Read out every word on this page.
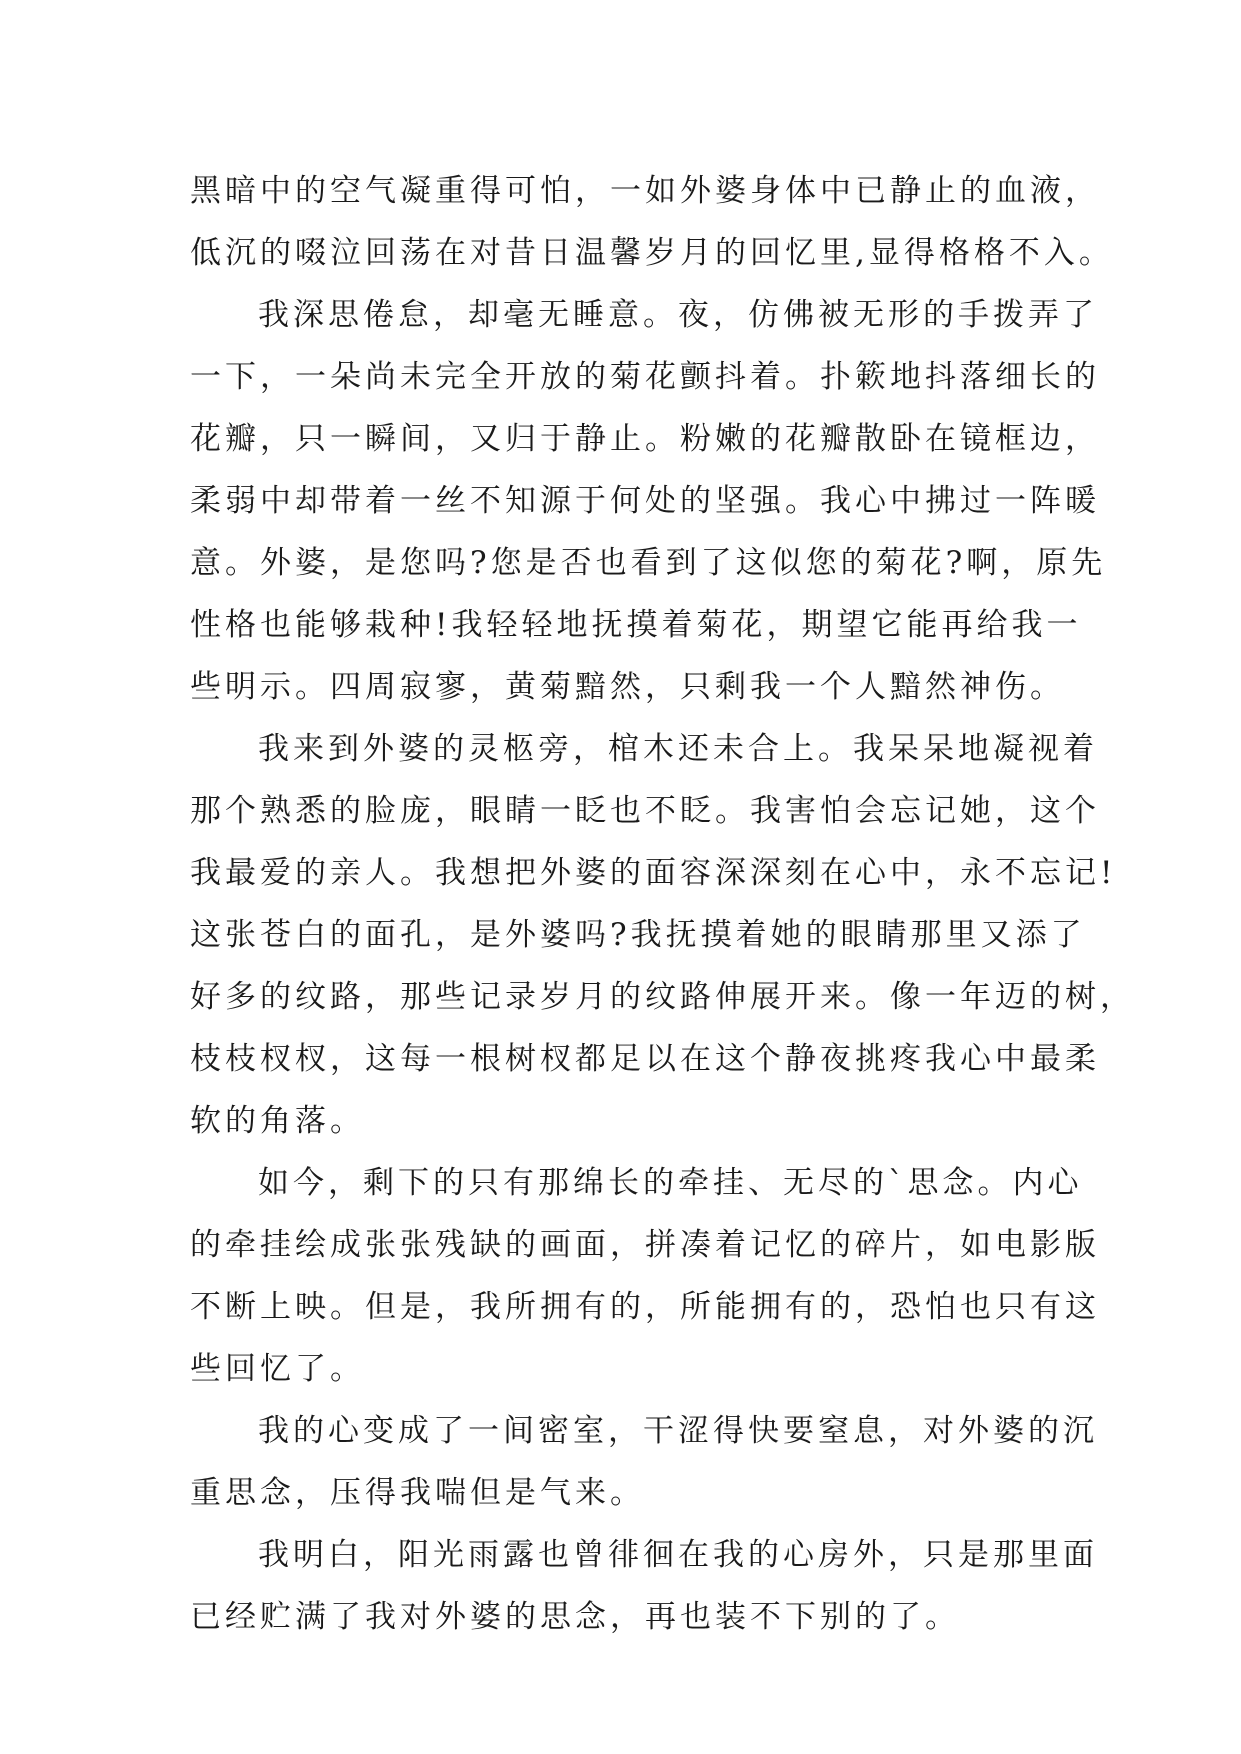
黑暗中的空气凝重得可怕，一如外婆身体中已静止的血液，
低沉的啜泣回荡在对昔日温馨岁月的回忆里,显得格格不入。
我深思倦怠，却毫无睡意。夜，仿佛被无形的手拨弄了
一下，一朵尚未完全开放的菊花颤抖着。扑簌地抖落细长的
花瓣，只一瞬间，又归于静止。粉嫩的花瓣散卧在镜框边，
柔弱中却带着一丝不知源于何处的坚强。我心中拂过一阵暖
意。外婆，是您吗?您是否也看到了这似您的菊花?啊，原先
性格也能够栽种!我轻轻地抚摸着菊花，期望它能再给我一
些明示。四周寂寥，黄菊黯然，只剩我一个人黯然神伤。
我来到外婆的灵柩旁，棺木还未合上。我呆呆地凝视着
那个熟悉的脸庞，眼睛一眨也不眨。我害怕会忘记她，这个
我最爱的亲人。我想把外婆的面容深深刻在心中，永不忘记!
这张苍白的面孔，是外婆吗?我抚摸着她的眼睛那里又添了
好多的纹路，那些记录岁月的纹路伸展开来。像一年迈的树，
枝枝杈杈，这每一根树杈都足以在这个静夜挑疼我心中最柔
软的角落。
如今，剩下的只有那绵长的牵挂、无尽的`思念。内心
的牵挂绘成张张残缺的画面，拼凑着记忆的碎片，如电影版
不断上映。但是，我所拥有的，所能拥有的，恐怕也只有这
些回忆了。
我的心变成了一间密室，干涩得快要窒息，对外婆的沉
重思念，压得我喘但是气来。
我明白，阳光雨露也曾徘徊在我的心房外，只是那里面
已经贮满了我对外婆的思念，再也装不下别的了。
